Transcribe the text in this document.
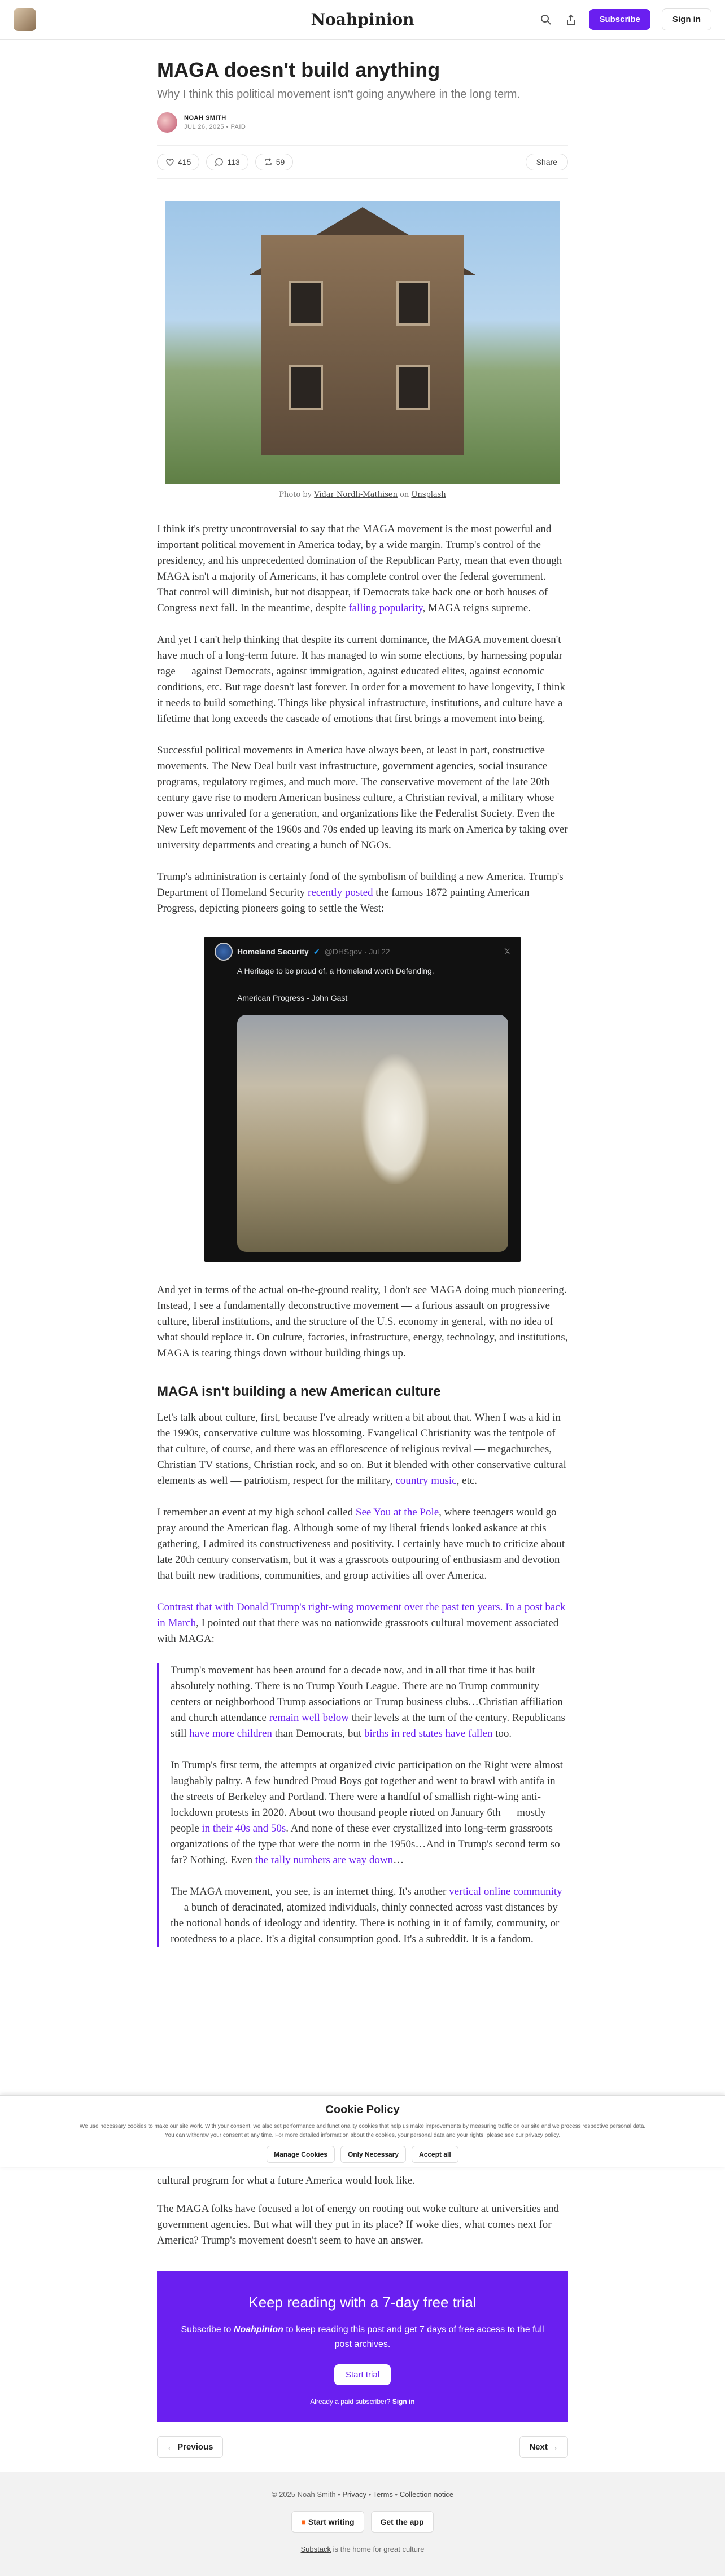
Noahpinion	Subscribe	Sign in
MAGA doesn't build anything
Why I think this political movement isn't going anywhere in the long term.
NOAH SMITH
JUL 26, 2025 • PAID
415	113	59	Share
Photo by Vidar Nordli-Mathisen on Unsplash

I think it's pretty uncontroversial to say that the MAGA movement is the most powerful and important political movement in America today, by a wide margin. Trump's control of the presidency, and his unprecedented domination of the Republican Party, mean that even though MAGA isn't a majority of Americans, it has complete control over the federal government. That control will diminish, but not disappear, if Democrats take back one or both houses of Congress next fall. In the meantime, despite falling popularity, MAGA reigns supreme.

And yet I can't help thinking that despite its current dominance, the MAGA movement doesn't have much of a long-term future. It has managed to win some elections, by harnessing popular rage — against Democrats, against immigration, against educated elites, against economic conditions, etc. But rage doesn't last forever. In order for a movement to have longevity, I think it needs to build something. Things like physical infrastructure, institutions, and culture have a lifetime that long exceeds the cascade of emotions that first brings a movement into being.

Successful political movements in America have always been, at least in part, constructive movements. The New Deal built vast infrastructure, government agencies, social insurance programs, regulatory regimes, and much more. The conservative movement of the late 20th century gave rise to modern American business culture, a Christian revival, a military whose power was unrivaled for a generation, and organizations like the Federalist Society. Even the New Left movement of the 1960s and 70s ended up leaving its mark on America by taking over university departments and creating a bunch of NGOs.

Trump's administration is certainly fond of the symbolism of building a new America. Trump's Department of Homeland Security recently posted the famous 1872 painting American Progress, depicting pioneers going to settle the West:

Homeland Security ✔ @DHSgov · Jul 22	𝕏
A Heritage to be proud of, a Homeland worth Defending.
American Progress - John Gast

And yet in terms of the actual on-the-ground reality, I don't see MAGA doing much pioneering. Instead, I see a fundamentally deconstructive movement — a furious assault on progressive culture, liberal institutions, and the structure of the U.S. economy in general, with no idea of what should replace it. On culture, factories, infrastructure, energy, technology, and institutions, MAGA is tearing things down without building things up.

MAGA isn't building a new American culture

Let's talk about culture, first, because I've already written a bit about that. When I was a kid in the 1990s, conservative culture was blossoming. Evangelical Christianity was the tentpole of that culture, of course, and there was an efflorescence of religious revival — megachurches, Christian TV stations, Christian rock, and so on. But it blended with other conservative cultural elements as well — patriotism, respect for the military, country music, etc.

I remember an event at my high school called See You at the Pole, where teenagers would go pray around the American flag. Although some of my liberal friends looked askance at this gathering, I admired its constructiveness and positivity. I certainly have much to criticize about late 20th century conservatism, but it was a grassroots outpouring of enthusiasm and devotion that built new traditions, communities, and group activities all over America.

Contrast that with Donald Trump's right-wing movement over the past ten years. In a post back in March, I pointed out that there was no nationwide grassroots cultural movement associated with MAGA:

Trump's movement has been around for a decade now, and in all that time it has built absolutely nothing. There is no Trump Youth League. There are no Trump community centers or neighborhood Trump associations or Trump business clubs…Christian affiliation and church attendance remain well below their levels at the turn of the century. Republicans still have more children than Democrats, but births in red states have fallen too.

In Trump's first term, the attempts at organized civic participation on the Right were almost laughably paltry. A few hundred Proud Boys got together and went to brawl with antifa in the streets of Berkeley and Portland. There were a handful of smallish right-wing anti-lockdown protests in 2020. About two thousand people rioted on January 6th — mostly people in their 40s and 50s. And none of these ever crystallized into long-term grassroots organizations of the type that were the norm in the 1950s…And in Trump's second term so far? Nothing. Even the rally numbers are way down…

The MAGA movement, you see, is an internet thing. It's another vertical online community — a bunch of deracinated, atomized individuals, thinly connected across vast distances by the notional bonds of ideology and identity. There is nothing in it of family, community, or rootedness to a place. It's a digital consumption good. It's a subreddit. It is a fandom.

Cookie Policy
We use necessary cookies to make our site work. With your consent, we also set performance and functionality cookies that help us make improvements by measuring traffic on our site and we process respective personal data.
You can withdraw your consent at any time. For more detailed information about the cookies, your personal data and your rights, please see our privacy policy.
Manage Cookies	Only Necessary	Accept all

cultural program for what a future America would look like.

The MAGA folks have focused a lot of energy on rooting out woke culture at universities and government agencies. But what will they put in its place? If woke dies, what comes next for America? Trump's movement doesn't seem to have an answer.

Keep reading with a 7-day free trial
Subscribe to Noahpinion to keep reading this post and get 7 days of free access to the full post archives.
Start trial
Already a paid subscriber? Sign in
← Previous	Next →
© 2025 Noah Smith • Privacy • Terms • Collection notice
■ Start writing	Get the app
Substack is the home for great culture
